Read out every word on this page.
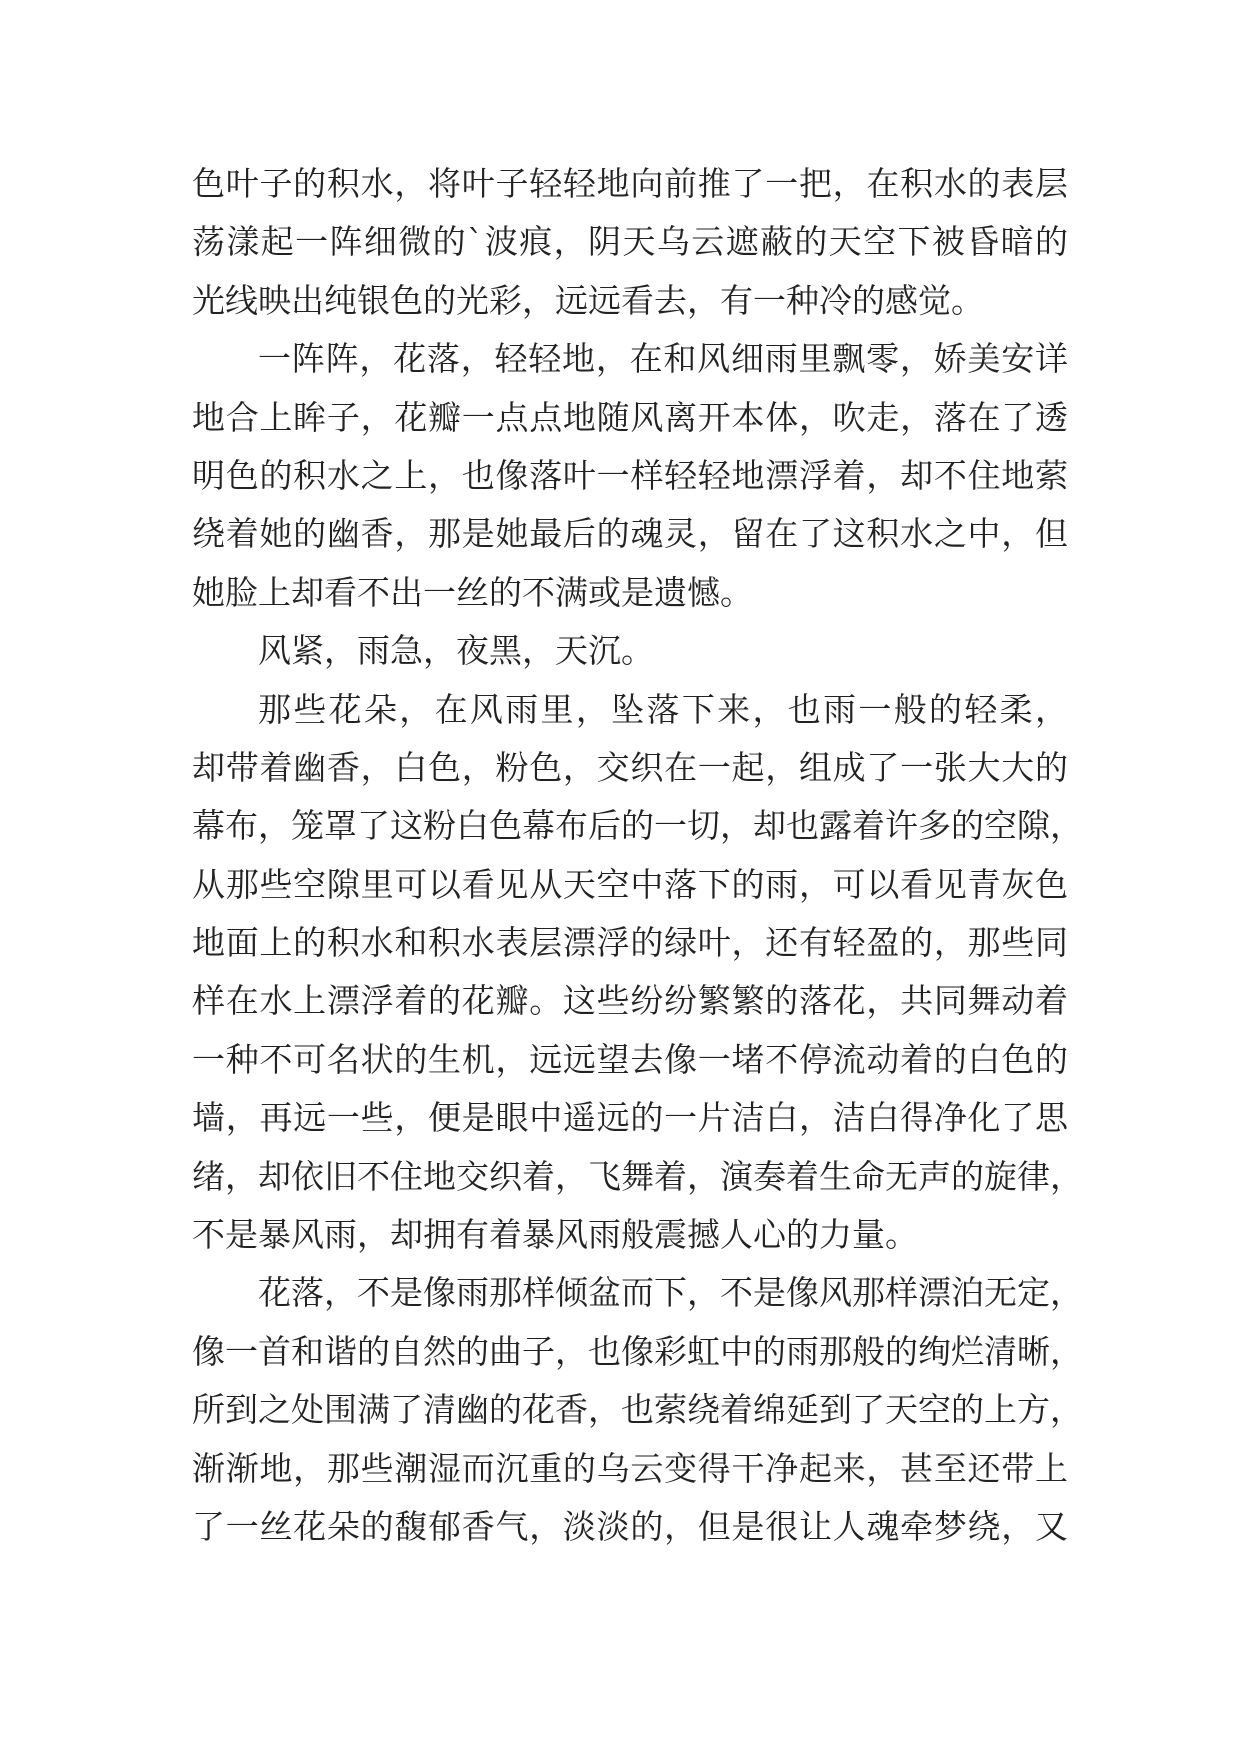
色叶子的积水，将叶子轻轻地向前推了一把，在积水的表层
荡漾起一阵细微的`波痕，阴天乌云遮蔽的天空下被昏暗的
光线映出纯银色的光彩，远远看去，有一种冷的感觉。
一阵阵，花落，轻轻地，在和风细雨里飘零，娇美安详
地合上眸子，花瓣一点点地随风离开本体，吹走，落在了透
明色的积水之上，也像落叶一样轻轻地漂浮着，却不住地萦
绕着她的幽香，那是她最后的魂灵，留在了这积水之中，但
她脸上却看不出一丝的不满或是遗憾。
风紧，雨急，夜黑，天沉。
那些花朵，在风雨里，坠落下来，也雨一般的轻柔，
却带着幽香，白色，粉色，交织在一起，组成了一张大大的
幕布，笼罩了这粉白色幕布后的一切，却也露着许多的空隙，
从那些空隙里可以看见从天空中落下的雨，可以看见青灰色
地面上的积水和积水表层漂浮的绿叶，还有轻盈的，那些同
样在水上漂浮着的花瓣。这些纷纷繁繁的落花，共同舞动着
一种不可名状的生机，远远望去像一堵不停流动着的白色的
墙，再远一些，便是眼中遥远的一片洁白，洁白得净化了思
绪，却依旧不住地交织着，飞舞着，演奏着生命无声的旋律，
不是暴风雨，却拥有着暴风雨般震撼人心的力量。
花落，不是像雨那样倾盆而下，不是像风那样漂泊无定，
像一首和谐的自然的曲子，也像彩虹中的雨那般的绚烂清晰，
所到之处围满了清幽的花香，也萦绕着绵延到了天空的上方，
渐渐地，那些潮湿而沉重的乌云变得干净起来，甚至还带上
了一丝花朵的馥郁香气，淡淡的，但是很让人魂牵梦绕，又
